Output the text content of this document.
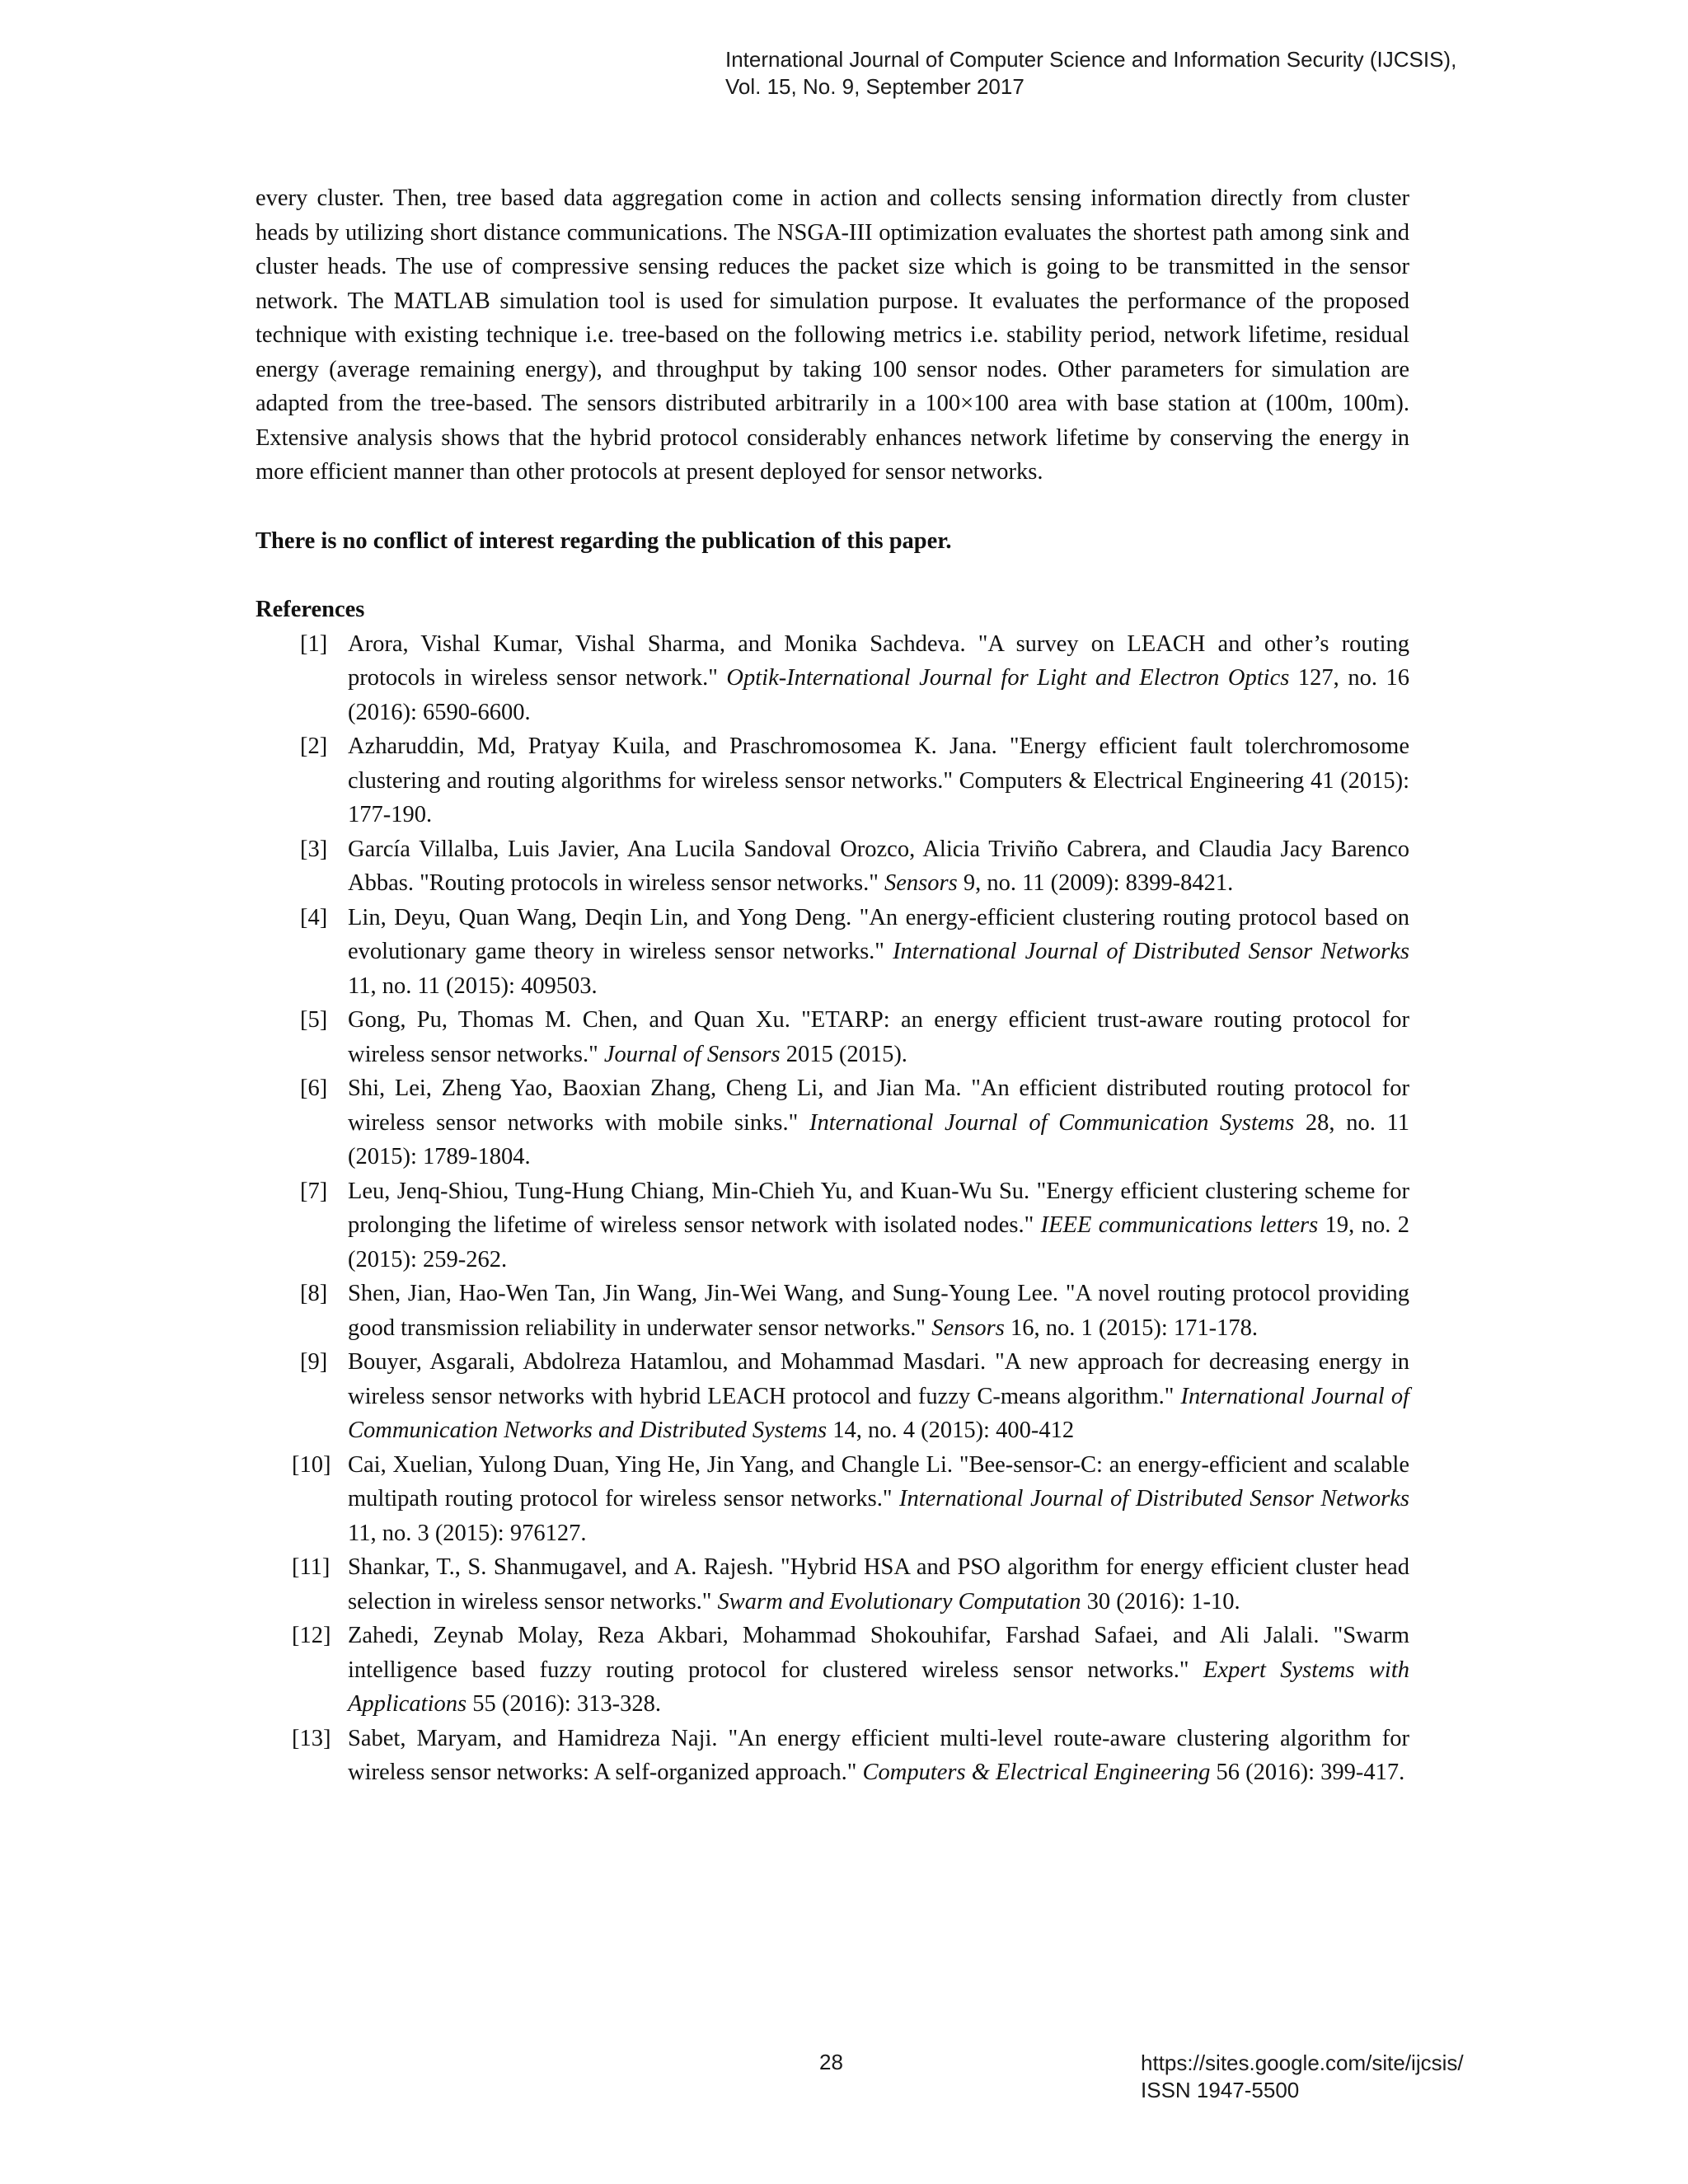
International Journal of Computer Science and Information Security (IJCSIS),
Vol. 15, No. 9, September 2017

every cluster. Then, tree based data aggregation come in action and collects sensing information directly from cluster heads by utilizing short distance communications. The NSGA-III optimization evaluates the shortest path among sink and cluster heads. The use of compressive sensing reduces the packet size which is going to be transmitted in the sensor network. The MATLAB simulation tool is used for simulation purpose. It evaluates the performance of the proposed technique with existing technique i.e. tree-based on the following metrics i.e. stability period, network lifetime, residual energy (average remaining energy), and throughput by taking 100 sensor nodes. Other parameters for simulation are adapted from the tree-based. The sensors distributed arbitrarily in a 100×100 area with base station at (100m, 100m). Extensive analysis shows that the hybrid protocol considerably enhances network lifetime by conserving the energy in more efficient manner than other protocols at present deployed for sensor networks.

There is no conflict of interest regarding the publication of this paper.

References
[1] Arora, Vishal Kumar, Vishal Sharma, and Monika Sachdeva. "A survey on LEACH and other’s routing protocols in wireless sensor network." Optik-International Journal for Light and Electron Optics 127, no. 16 (2016): 6590-6600.
[2] Azharuddin, Md, Pratyay Kuila, and Praschromosomea K. Jana. "Energy efficient fault tolerchromosome clustering and routing algorithms for wireless sensor networks." Computers & Electrical Engineering 41 (2015): 177-190.
[3] García Villalba, Luis Javier, Ana Lucila Sandoval Orozco, Alicia Triviño Cabrera, and Claudia Jacy Barenco Abbas. "Routing protocols in wireless sensor networks." Sensors 9, no. 11 (2009): 8399-8421.
[4] Lin, Deyu, Quan Wang, Deqin Lin, and Yong Deng. "An energy-efficient clustering routing protocol based on evolutionary game theory in wireless sensor networks." International Journal of Distributed Sensor Networks 11, no. 11 (2015): 409503.
[5] Gong, Pu, Thomas M. Chen, and Quan Xu. "ETARP: an energy efficient trust-aware routing protocol for wireless sensor networks." Journal of Sensors 2015 (2015).
[6] Shi, Lei, Zheng Yao, Baoxian Zhang, Cheng Li, and Jian Ma. "An efficient distributed routing protocol for wireless sensor networks with mobile sinks." International Journal of Communication Systems 28, no. 11 (2015): 1789-1804.
[7] Leu, Jenq-Shiou, Tung-Hung Chiang, Min-Chieh Yu, and Kuan-Wu Su. "Energy efficient clustering scheme for prolonging the lifetime of wireless sensor network with isolated nodes." IEEE communications letters 19, no. 2 (2015): 259-262.
[8] Shen, Jian, Hao-Wen Tan, Jin Wang, Jin-Wei Wang, and Sung-Young Lee. "A novel routing protocol providing good transmission reliability in underwater sensor networks." Sensors 16, no. 1 (2015): 171-178.
[9] Bouyer, Asgarali, Abdolreza Hatamlou, and Mohammad Masdari. "A new approach for decreasing energy in wireless sensor networks with hybrid LEACH protocol and fuzzy C-means algorithm." International Journal of Communication Networks and Distributed Systems 14, no. 4 (2015): 400-412
[10] Cai, Xuelian, Yulong Duan, Ying He, Jin Yang, and Changle Li. "Bee-sensor-C: an energy-efficient and scalable multipath routing protocol for wireless sensor networks." International Journal of Distributed Sensor Networks 11, no. 3 (2015): 976127.
[11] Shankar, T., S. Shanmugavel, and A. Rajesh. "Hybrid HSA and PSO algorithm for energy efficient cluster head selection in wireless sensor networks." Swarm and Evolutionary Computation 30 (2016): 1-10.
[12] Zahedi, Zeynab Molay, Reza Akbari, Mohammad Shokouhifar, Farshad Safaei, and Ali Jalali. "Swarm intelligence based fuzzy routing protocol for clustered wireless sensor networks." Expert Systems with Applications 55 (2016): 313-328.
[13] Sabet, Maryam, and Hamidreza Naji. "An energy efficient multi-level route-aware clustering algorithm for wireless sensor networks: A self-organized approach." Computers & Electrical Engineering 56 (2016): 399-417.
28	https://sites.google.com/site/ijcsis/
ISSN 1947-5500
